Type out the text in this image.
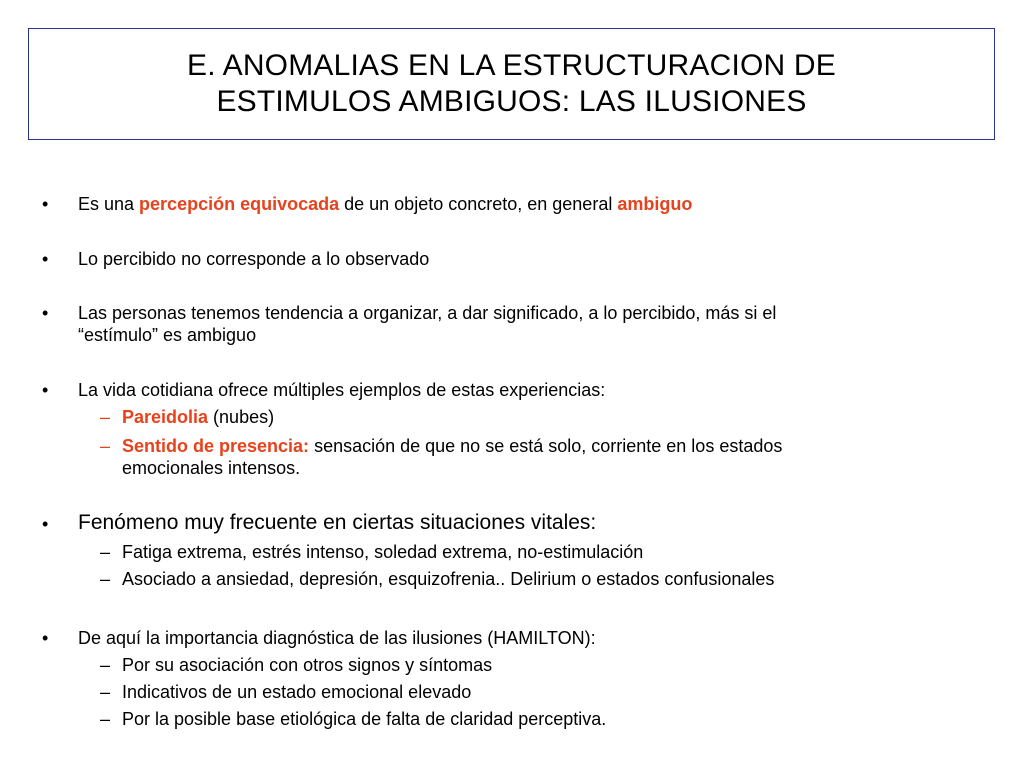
E. ANOMALIAS EN LA ESTRUCTURACION DE
ESTIMULOS AMBIGUOS: LAS ILUSIONES
• Es una percepción equivocada de un objeto concreto, en general ambiguo
• Lo percibido no corresponde a lo observado
• Las personas tenemos tendencia a organizar, a dar significado, a lo percibido, más si el
“estímulo” es ambiguo
• La vida cotidiana ofrece múltiples ejemplos de estas experiencias:
– Pareidolia (nubes)
– Sentido de presencia: sensación de que no se está solo, corriente en los estados
emocionales intensos.
• Fenómeno muy frecuente en ciertas situaciones vitales:
– Fatiga extrema, estrés intenso, soledad extrema, no-estimulación
– Asociado a ansiedad, depresión, esquizofrenia.. Delirium o estados confusionales
• De aquí la importancia diagnóstica de las ilusiones (HAMILTON):
– Por su asociación con otros signos y síntomas
– Indicativos de un estado emocional elevado
– Por la posible base etiológica de falta de claridad perceptiva.
